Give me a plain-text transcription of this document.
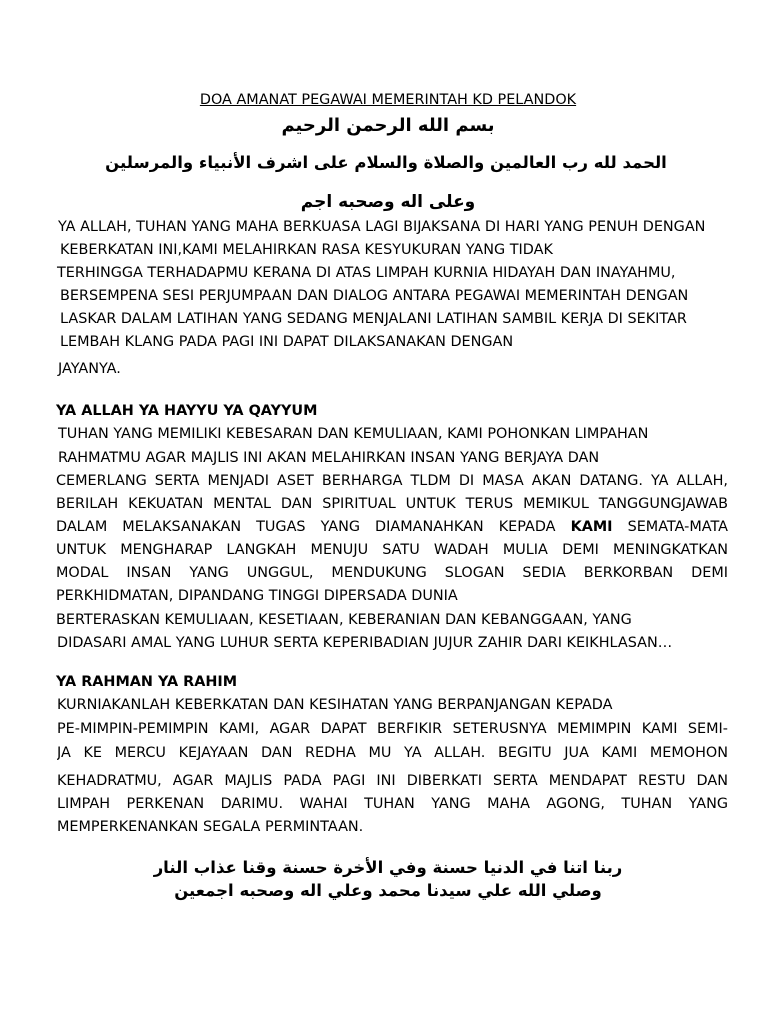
DOA AMANAT PEGAWAI MEMERINTAH KD PELANDOK
بسم الله الرحمن الرحيم
الحمد لله رب العالمين والصلاة والسلام على اشرف الأنبياء والمرسلين
وعلى اله وصحبه اجم
YA ALLAH, TUHAN YANG MAHA BERKUASA LAGI BIJAKSANA DI HARI YANG PENUH DENGAN
KEBERKATAN INI,KAMI MELAHIRKAN RASA KESYUKURAN YANG TIDAK
TERHINGGA TERHADAPMU KERANA DI ATAS LIMPAH KURNIA HIDAYAH DAN INAYAHMU,
BERSEMPENA SESI PERJUMPAAN DAN DIALOG ANTARA PEGAWAI MEMERINTAH DENGAN
LASKAR DALAM LATIHAN YANG SEDANG MENJALANI LATIHAN SAMBIL KERJA DI SEKITAR
LEMBAH KLANG PADA PAGI INI DAPAT DILAKSANAKAN DENGAN
JAYANYA.
YA ALLAH YA HAYYU YA QAYYUM
TUHAN YANG MEMILIKI KEBESARAN DAN KEMULIAAN, KAMI POHONKAN LIMPAHAN
RAHMATMU AGAR MAJLIS INI AKAN MELAHIRKAN INSAN YANG BERJAYA DAN
CEMERLANG SERTA MENJADI ASET BERHARGA TLDM DI MASA AKAN DATANG. YA ALLAH,
BERILAH KEKUATAN MENTAL DAN SPIRITUAL UNTUK TERUS MEMIKUL TANGGUNGJAWAB
DALAM MELAKSANAKAN TUGAS YANG DIAMANAHKAN KEPADA KAMI SEMATA-MATA
UNTUK MENGHARAP LANGKAH MENUJU SATU WADAH MULIA DEMI MENINGKATKAN
MODAL INSAN YANG UNGGUL, MENDUKUNG SLOGAN SEDIA BERKORBAN DEMI
PERKHIDMATAN, DIPANDANG TINGGI DIPERSADA DUNIA
BERTERASKAN KEMULIAAN, KESETIAAN, KEBERANIAN DAN KEBANGGAAN, YANG
DIDASARI AMAL YANG LUHUR SERTA KEPERIBADIAN JUJUR ZAHIR DARI KEIKHLASAN…
YA RAHMAN YA RAHIM
KURNIAKANLAH KEBERKATAN DAN KESIHATAN YANG BERPANJANGAN KEPADA
PE-MIMPIN-PEMIMPIN KAMI, AGAR DAPAT BERFIKIR SETERUSNYA MEMIMPIN KAMI SEMI-
JA KE MERCU KEJAYAAN DAN REDHA MU YA ALLAH. BEGITU JUA KAMI MEMOHON
KEHADRATMU, AGAR MAJLIS PADA PAGI INI DIBERKATI SERTA MENDAPAT RESTU DAN
LIMPAH PERKENAN DARIMU. WAHAI TUHAN YANG MAHA AGONG, TUHAN YANG
MEMPERKENANKAN SEGALA PERMINTAAN.
ربنا اتنا في الدنيا حسنة وفي الأخرة حسنة وقنا عذاب النار
وصلي الله علي سيدنا محمد وعلي اله وصحبه اجمعين
